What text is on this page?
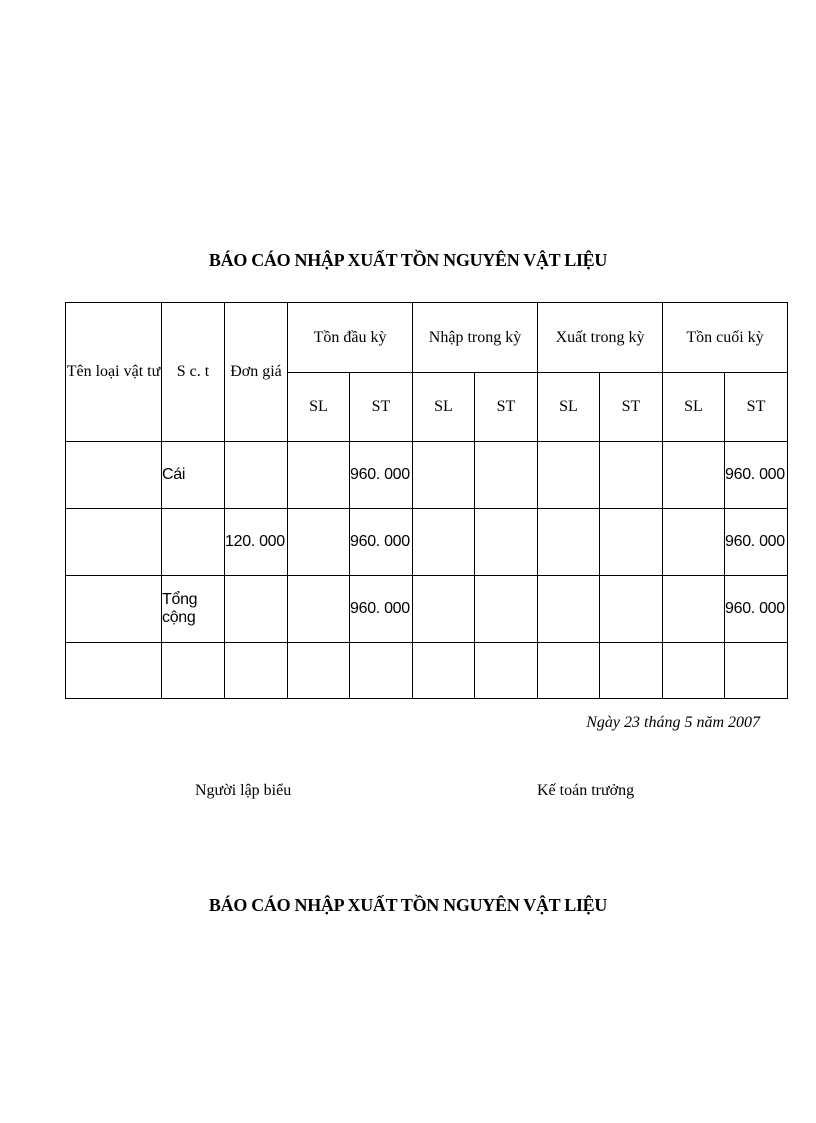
BÁO CÁO NHẬP XUẤT TỒN NGUYÊN VẬT LIỆU
Tên loại vật tư	S c. t	Đơn giá	Tồn đầu kỳ		Nhập trong kỳ		Xuất trong kỳ		Tồn cuối kỳ	
			SL	ST	SL	ST	SL	ST	SL	ST
	Cái			960. 000						960. 000
		120. 000		960. 000						960. 000
	Tổng cộng			960. 000						960. 000

Ngày 23 tháng 5 năm 2007
Người lập biểu	Kế toán trưởng
BÁO CÁO NHẬP XUẤT TỒN NGUYÊN VẬT LIỆU
